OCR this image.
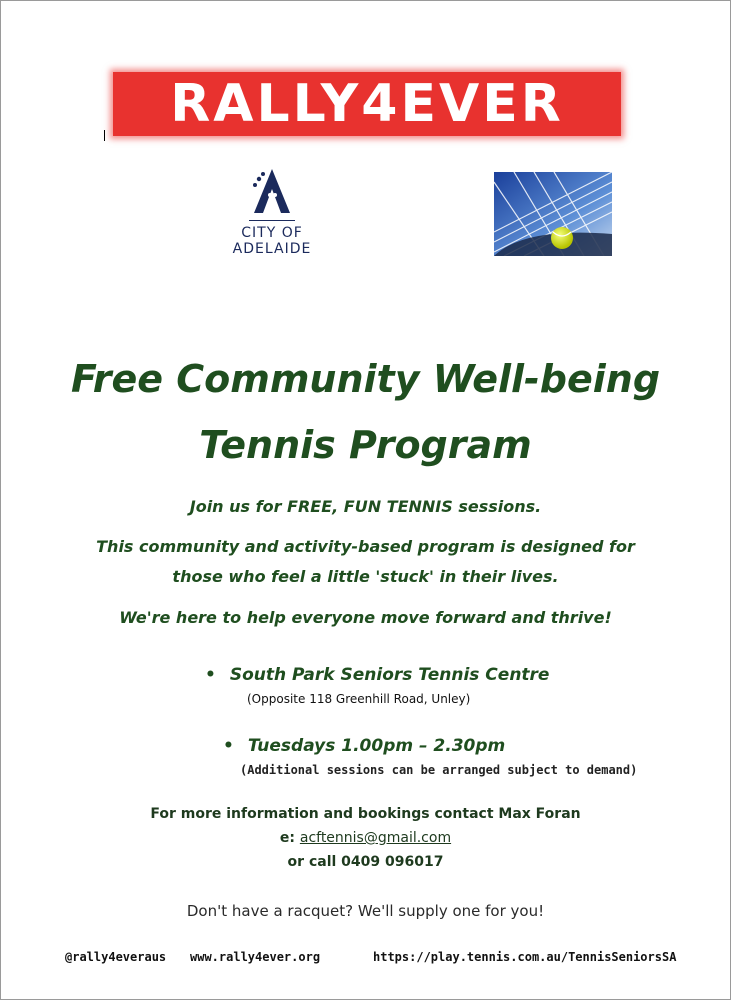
RALLY4EVER
CITY OF
ADELAIDE
Free Community Well-being
Tennis Program
Join us for FREE, FUN TENNIS sessions.
This community and activity-based program is designed for
those who feel a little 'stuck' in their lives.
We're here to help everyone move forward and thrive!
• South Park Seniors Tennis Centre
(Opposite 118 Greenhill Road, Unley)
• Tuesdays 1.00pm – 2.30pm
(Additional sessions can be arranged subject to demand)
For more information and bookings contact Max Foran
e: acftennis@gmail.com
or call 0409 096017
Don't have a racquet? We'll supply one for you!
@rally4everaus www.rally4ever.org	https://play.tennis.com.au/TennisSeniorsSA
